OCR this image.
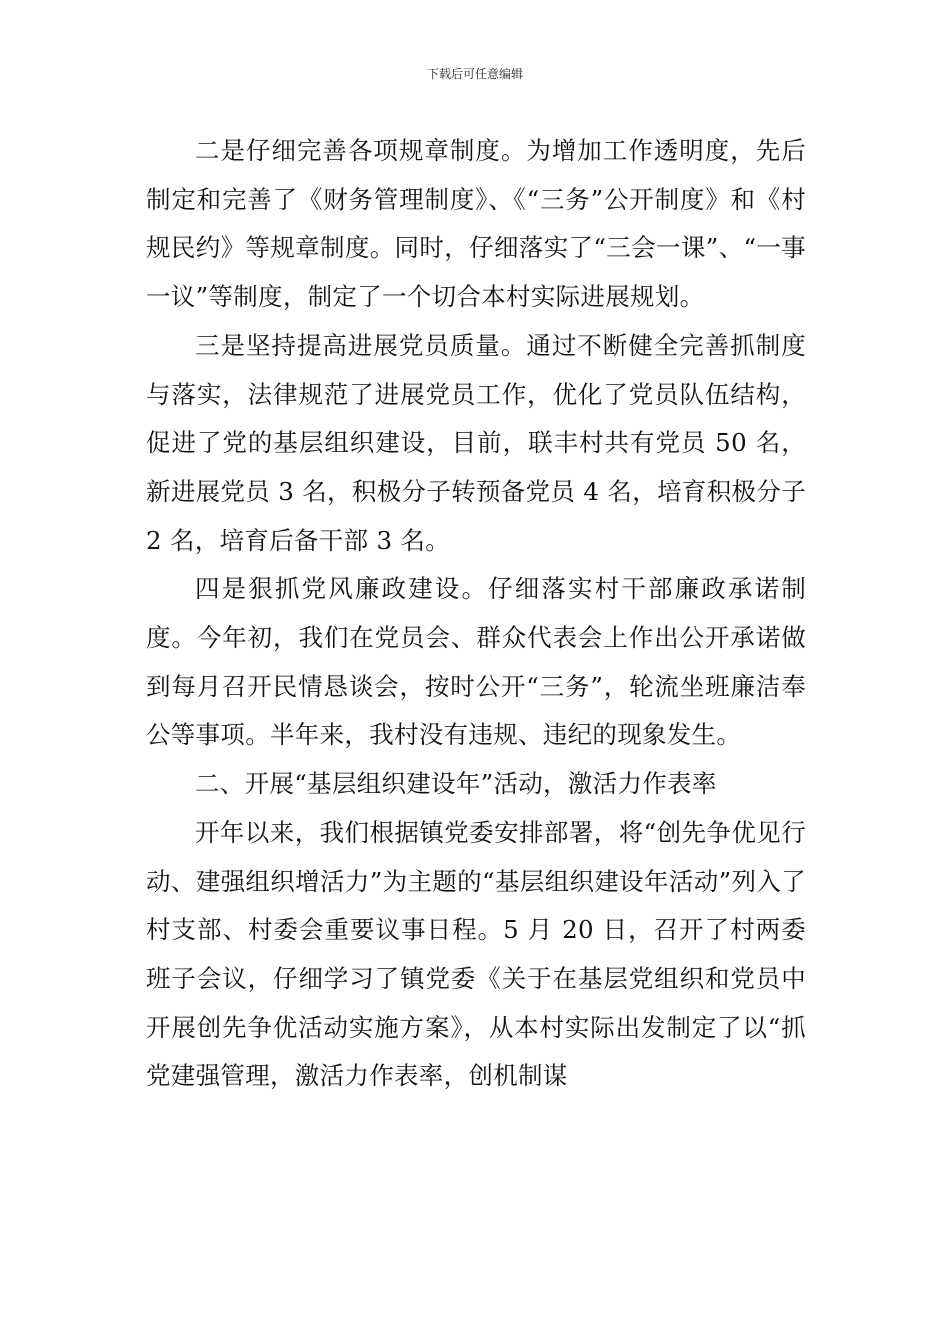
下载后可任意编辑

二是仔细完善各项规章制度。为增加工作透明度，先后制定和完善了《财务管理制度》、《“三务”公开制度》和《村规民约》等规章制度。同时，仔细落实了“三会一课”、“一事一议”等制度，制定了一个切合本村实际进展规划。

三是坚持提高进展党员质量。通过不断健全完善抓制度与落实，法律规范了进展党员工作，优化了党员队伍结构，促进了党的基层组织建设，目前，联丰村共有党员 50 名，新进展党员 3 名，积极分子转预备党员 4 名，培育积极分子 2 名，培育后备干部 3 名。

四是狠抓党风廉政建设。仔细落实村干部廉政承诺制度。今年初，我们在党员会、群众代表会上作出公开承诺做到每月召开民情恳谈会，按时公开“三务”，轮流坐班廉洁奉公等事项。半年来，我村没有违规、违纪的现象发生。

二、开展“基层组织建设年”活动，激活力作表率

开年以来，我们根据镇党委安排部署，将“创先争优见行动、建强组织增活力”为主题的“基层组织建设年活动”列入了村支部、村委会重要议事日程。5 月 20 日，召开了村两委班子会议，仔细学习了镇党委《关于在基层党组织和党员中开展创先争优活动实施方案》，从本村实际出发制定了以“抓党建强管理，激活力作表率，创机制谋
